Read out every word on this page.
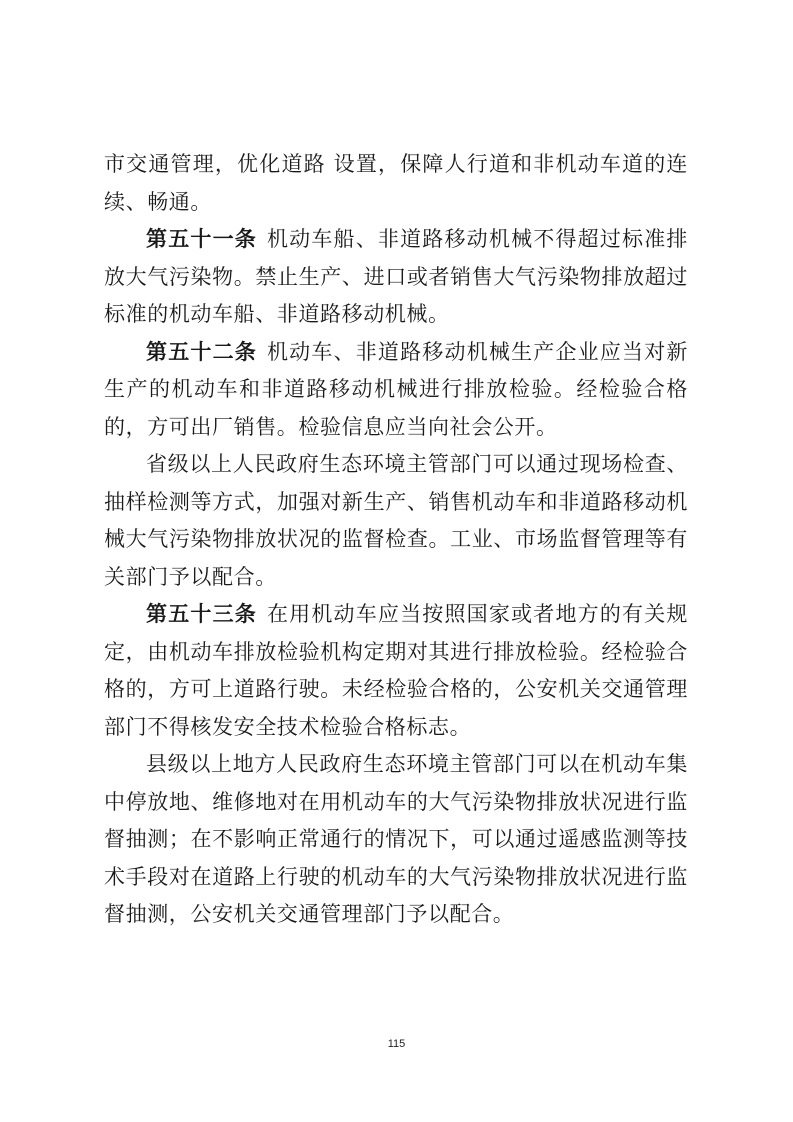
市交通管理，优化道路 设置，保障人行道和非机动车道的连续、畅通。

第五十一条 机动车船、非道路移动机械不得超过标准排放大气污染物。禁止生产、进口或者销售大气污染物排放超过标准的机动车船、非道路移动机械。

第五十二条 机动车、非道路移动机械生产企业应当对新生产的机动车和非道路移动机械进行排放检验。经检验合格的，方可出厂销售。检验信息应当向社会公开。

省级以上人民政府生态环境主管部门可以通过现场检查、抽样检测等方式，加强对新生产、销售机动车和非道路移动机械大气污染物排放状况的监督检查。工业、市场监督管理等有关部门予以配合。

第五十三条 在用机动车应当按照国家或者地方的有关规定，由机动车排放检验机构定期对其进行排放检验。经检验合格的，方可上道路行驶。未经检验合格的，公安机关交通管理部门不得核发安全技术检验合格标志。

县级以上地方人民政府生态环境主管部门可以在机动车集中停放地、维修地对在用机动车的大气污染物排放状况进行监督抽测；在不影响正常通行的情况下，可以通过遥感监测等技术手段对在道路上行驶的机动车的大气污染物排放状况进行监督抽测，公安机关交通管理部门予以配合。

115
